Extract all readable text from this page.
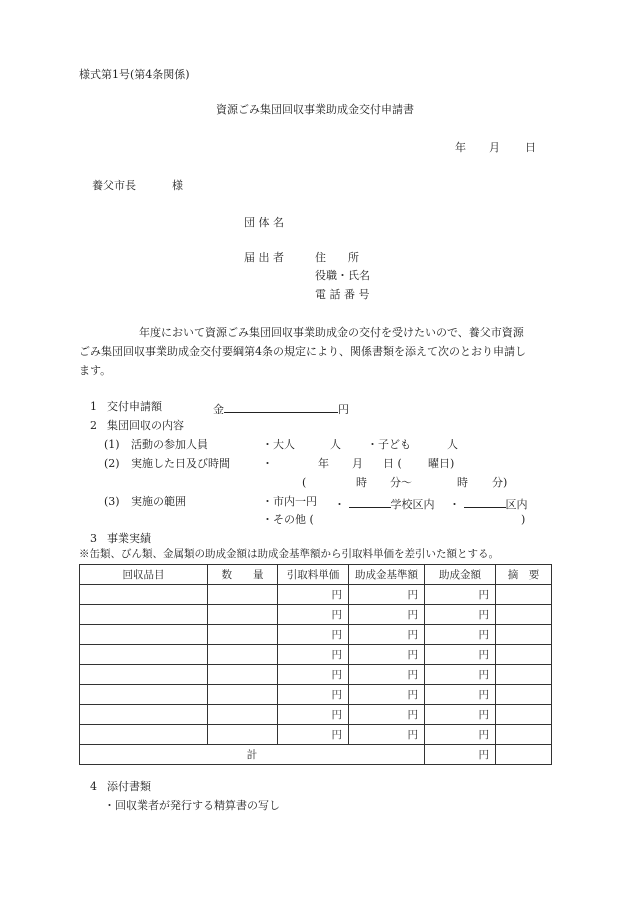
様式第1号(第4条関係)
資源ごみ集団回収事業助成金交付申請書
年 月 日
養父市長	様
団 体 名
届 出 者	住　　所
役職・氏名
電 話 番 号
年度において資源ごみ集団回収事業助成金の交付を受けたいので、養父市資源
ごみ集団回収事業助成金交付要綱第4条の規定により、関係書類を添えて次のとおり申請し
ます。
1 交付申請額	金	円
2 集団回収の内容
(1) 活動の参加人員	・大人	人 ・子ども	人
(2) 実施した日及び時間	・	年 月 日 ( 曜日)
(	時 分〜	時 分)
(3) 実施の範囲	・市内一円 ・	学校区内 ・	区内
・その他 (	)
3 事業実績
※缶類、びん類、金属類の助成金額は助成金基準額から引取料単価を差引いた額とする。
回収品目	数　　量	引取料単価	助成金基準額	助成金額	摘　要
		円	円	円	
		円	円	円	
		円	円	円	
		円	円	円	
		円	円	円	
		円	円	円	
		円	円	円	
		円	円	円	
計				円	
4 添付書類
・回収業者が発行する精算書の写し
